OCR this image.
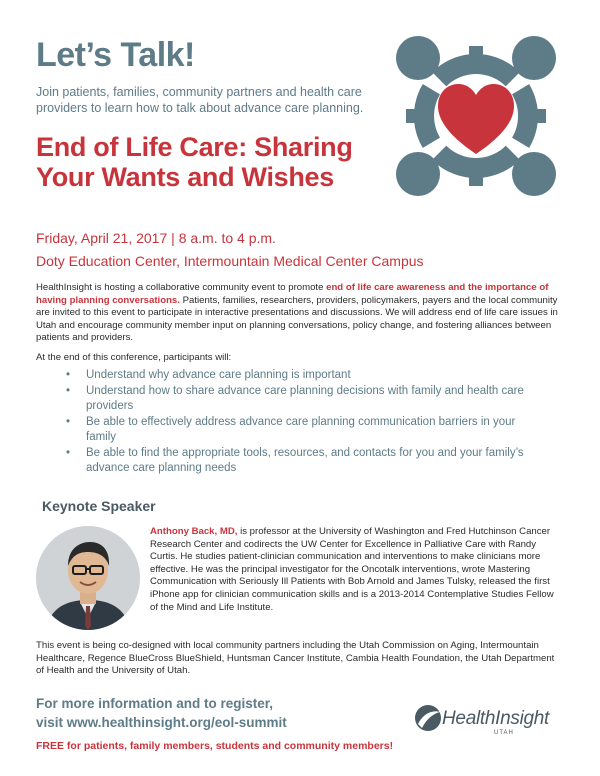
Let’s Talk!
Join patients, families, community partners and health care providers to learn how to talk about advance care planning.
End of Life Care: Sharing Your Wants and Wishes
Friday, April 21, 2017 | 8 a.m. to 4 p.m.
Doty Education Center, Intermountain Medical Center Campus
HealthInsight is hosting a collaborative community event to promote end of life care awareness and the importance of having planning conversations. Patients, families, researchers, providers, policymakers, payers and the local community are invited to this event to participate in interactive presentations and discussions. We will address end of life care issues in Utah and encourage community member input on planning conversations, policy change, and fostering alliances between patients and providers.
At the end of this conference, participants will:
• Understand why advance care planning is important
• Understand how to share advance care planning decisions with family and health care providers
• Be able to effectively address advance care planning communication barriers in your family
• Be able to find the appropriate tools, resources, and contacts for you and your family’s advance care planning needs
Keynote Speaker
Anthony Back, MD, is professor at the University of Washington and Fred Hutchinson Cancer Research Center and codirects the UW Center for Excellence in Palliative Care with Randy Curtis. He studies patient-clinician communication and interventions to make clinicians more effective. He was the principal investigator for the Oncotalk interventions, wrote Mastering Communication with Seriously Ill Patients with Bob Arnold and James Tulsky, released the first iPhone app for clinician communication skills and is a 2013-2014 Contemplative Studies Fellow of the Mind and Life Institute.
This event is being co-designed with local community partners including the Utah Commission on Aging, Intermountain Healthcare, Regence BlueCross BlueShield, Huntsman Cancer Institute, Cambia Health Foundation, the Utah Department of Health and the University of Utah.
For more information and to register,
visit www.healthinsight.org/eol-summit	HealthInsight
UTAH
FREE for patients, family members, students and community members!
